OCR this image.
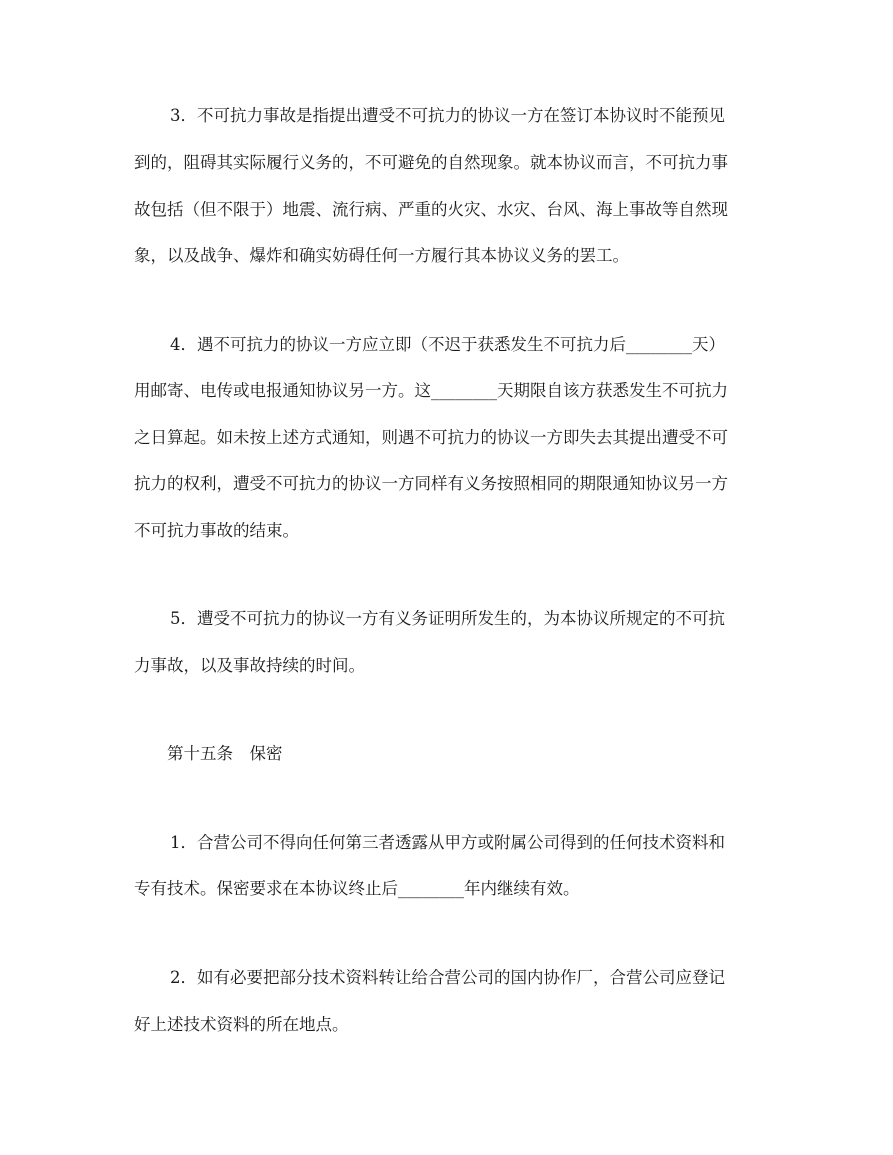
3．不可抗力事故是指提出遭受不可抗力的协议一方在签订本协议时不能预见
到的，阻碍其实际履行义务的，不可避免的自然现象。就本协议而言，不可抗力事
故包括（但不限于）地震、流行病、严重的火灾、水灾、台风、海上事故等自然现
象，以及战争、爆炸和确实妨碍任何一方履行其本协议义务的罢工。
4．遇不可抗力的协议一方应立即（不迟于获悉发生不可抗力后________天）
用邮寄、电传或电报通知协议另一方。这________天期限自该方获悉发生不可抗力
之日算起。如未按上述方式通知，则遇不可抗力的协议一方即失去其提出遭受不可
抗力的权利，遭受不可抗力的协议一方同样有义务按照相同的期限通知协议另一方
不可抗力事故的结束。
5．遭受不可抗力的协议一方有义务证明所发生的，为本协议所规定的不可抗
力事故，以及事故持续的时间。
第十五条　保密
1．合营公司不得向任何第三者透露从甲方或附属公司得到的任何技术资料和
专有技术。保密要求在本协议终止后________年内继续有效。
2．如有必要把部分技术资料转让给合营公司的国内协作厂，合营公司应登记
好上述技术资料的所在地点。
